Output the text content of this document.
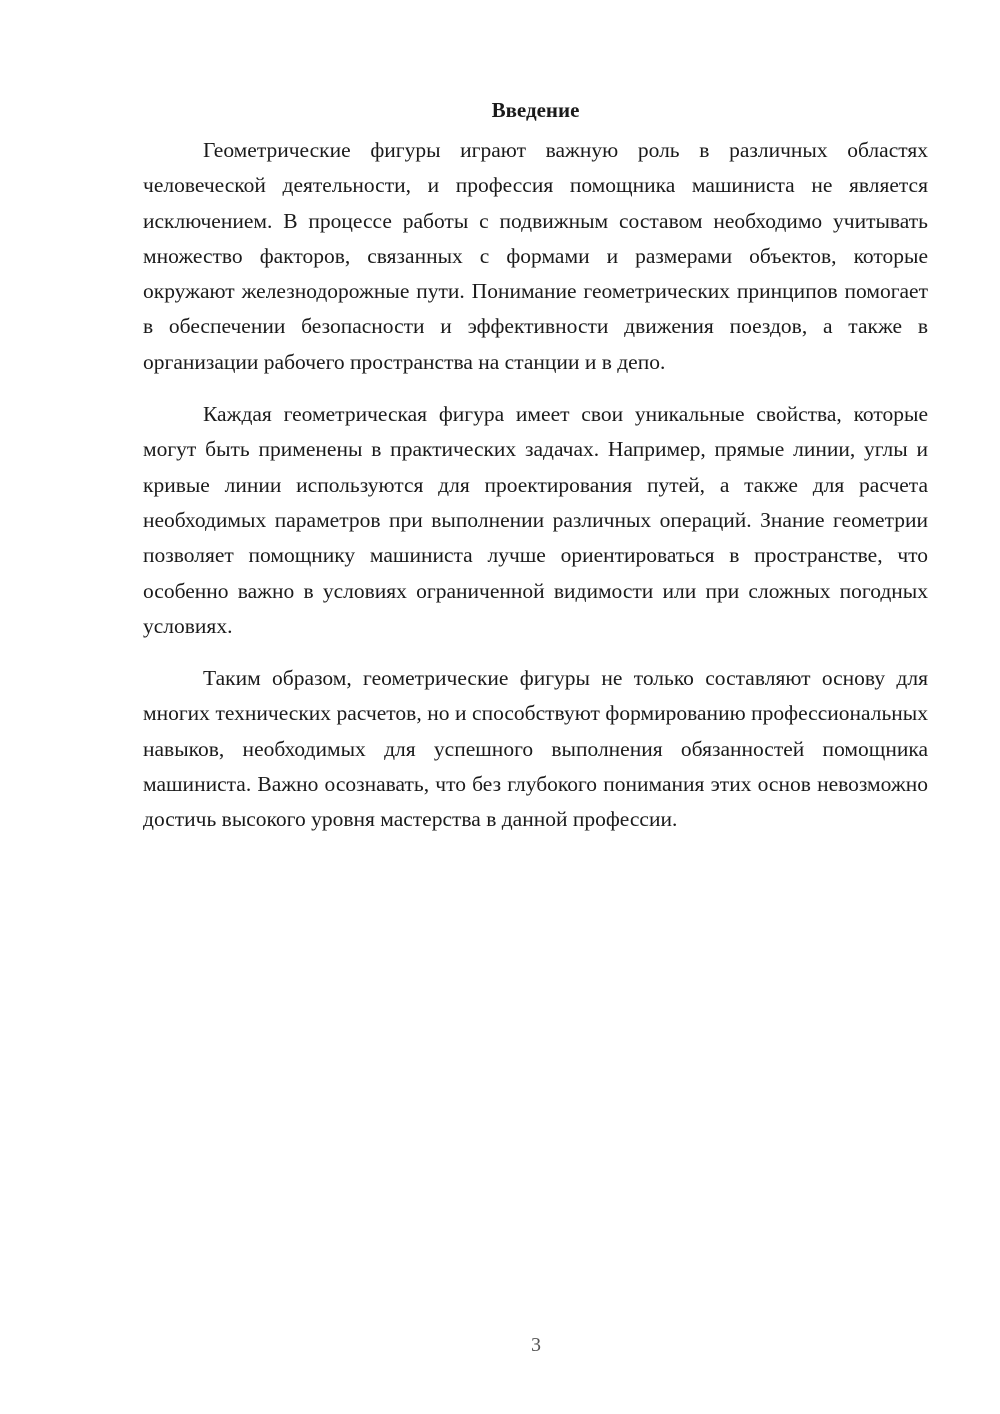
Введение

Геометрические фигуры играют важную роль в различных областях человеческой деятельности, и профессия помощника машиниста не является исключением. В процессе работы с подвижным составом необходимо учитывать множество факторов, связанных с формами и размерами объектов, которые окружают железнодорожные пути. Понимание геометрических принципов помогает в обеспечении безопасности и эффективности движения поездов, а также в организации рабочего пространства на станции и в депо.

Каждая геометрическая фигура имеет свои уникальные свойства, которые могут быть применены в практических задачах. Например, прямые линии, углы и кривые линии используются для проектирования путей, а также для расчета необходимых параметров при выполнении различных операций. Знание геометрии позволяет помощнику машиниста лучше ориентироваться в пространстве, что особенно важно в условиях ограниченной видимости или при сложных погодных условиях.

Таким образом, геометрические фигуры не только составляют основу для многих технических расчетов, но и способствуют формированию профессиональных навыков, необходимых для успешного выполнения обязанностей помощника машиниста. Важно осознавать, что без глубокого понимания этих основ невозможно достичь высокого уровня мастерства в данной профессии.

3
